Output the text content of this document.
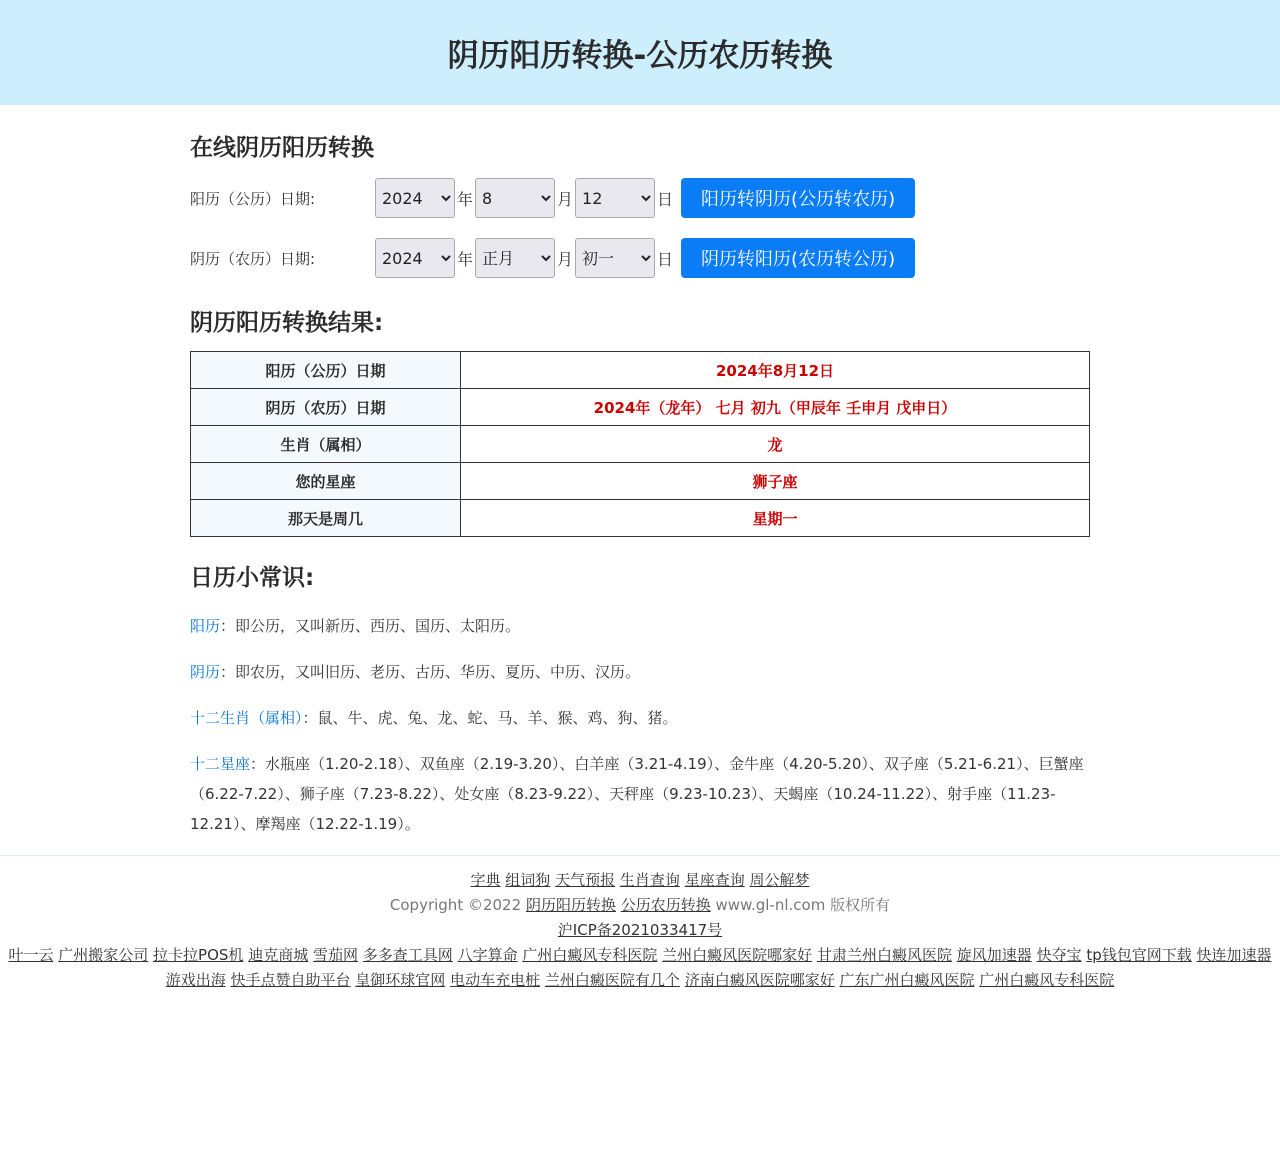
阴历阳历转换-公历农历转换
在线阴历阳历转换
阳历（公历）日期:
2024	年
8	月
12	日	阳历转阴历(公历转农历)
阴历（农历）日期:
2024	年
正月	月
初一	日	阴历转阳历(农历转公历)
阴历阳历转换结果:
阳历（公历）日期	2024年8月12日
阴历（农历）日期	2024年（龙年） 七月 初九（甲辰年 壬申月 戊申日）
生肖（属相）	龙
您的星座	狮子座
那天是周几	星期一
日历小常识:

阳历：即公历，又叫新历、西历、国历、太阳历。

阴历：即农历，又叫旧历、老历、古历、华历、夏历、中历、汉历。

十二生肖（属相）：鼠、牛、虎、兔、龙、蛇、马、羊、猴、鸡、狗、猪。

十二星座：水瓶座（1.20-2.18）、双鱼座（2.19-3.20）、白羊座（3.21-4.19）、金牛座（4.20-5.20）、双子座（5.21-6.21）、巨蟹座（6.22-7.22）、狮子座（7.23-8.22）、处女座（8.23-9.22）、天秤座（9.23-10.23）、天蝎座（10.24-11.22）、射手座（11.23-12.21）、摩羯座（12.22-1.19）。

字典 组词狗 天气预报 生肖查询 星座查询 周公解梦
Copyright ©2022 阴历阳历转换 公历农历转换 www.gl-nl.com 版权所有
沪ICP备2021033417号
叶一云 广州搬家公司 拉卡拉POS机 迪克商城 雪茄网 多多查工具网 八字算命 广州白癜风专科医院 兰州白癜风医院哪家好 甘肃兰州白癜风医院 旋风加速器 快夺宝 tp钱包官网下载 快连加速器 游戏出海 快手点赞自助平台 皇御环球官网 电动车充电桩 兰州白癜医院有几个 济南白癜风医院哪家好 广东广州白癜风医院 广州白癜风专科医院
